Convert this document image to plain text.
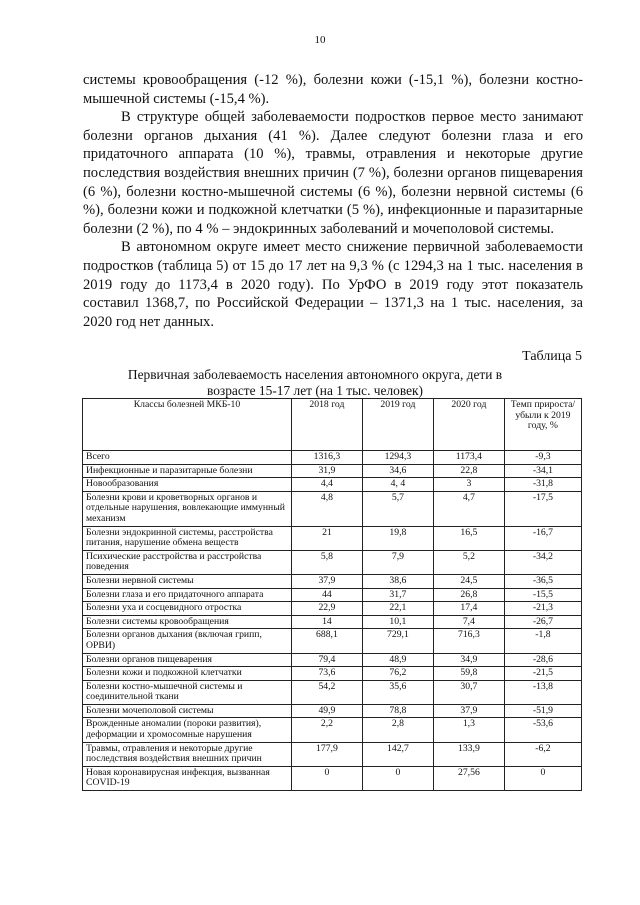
10

системы кровообращения (-12 %), болезни кожи (-15,1 %), болезни костно-мышечной системы (-15,4 %).

В структуре общей заболеваемости подростков первое место занимают болезни органов дыхания (41 %). Далее следуют болезни глаза и его придаточного аппарата (10 %), травмы, отравления и некоторые другие последствия воздействия внешних причин (7 %), болезни органов пищеварения (6 %), болезни костно-мышечной системы (6 %), болезни нервной системы (6 %), болезни кожи и подкожной клетчатки (5 %), инфекционные и паразитарные болезни (2 %), по 4 % – эндокринных заболеваний и мочеполовой системы.

В автономном округе имеет место снижение первичной заболеваемости подростков (таблица 5) от 15 до 17 лет на 9,3 % (с 1294,3 на 1 тыс. населения в 2019 году до 1173,4 в 2020 году). По УрФО в 2019 году этот показатель составил 1368,7, по Российской Федерации – 1371,3 на 1 тыс. населения, за 2020 год нет данных.

Таблица 5
Первичная заболеваемость населения автономного округа, дети в возрасте 15-17 лет (на 1 тыс. человек)
Классы болезней МКБ-10	2018 год	2019 год	2020 год	Темп прироста/ убыли к 2019 году, %
Всего	1316,3	1294,3	1173,4	-9,3
Инфекционные и паразитарные болезни	31,9	34,6	22,8	-34,1
Новообразования	4,4	4, 4	3	-31,8
Болезни крови и кроветворных органов и отдельные нарушения, вовлекающие иммунный механизм	4,8	5,7	4,7	-17,5
Болезни эндокринной системы, расстройства питания, нарушение обмена веществ	21	19,8	16,5	-16,7
Психические расстройства и расстройства поведения	5,8	7,9	5,2	-34,2
Болезни нервной системы	37,9	38,6	24,5	-36,5
Болезни глаза и его придаточного аппарата	44	31,7	26,8	-15,5
Болезни уха и сосцевидного отростка	22,9	22,1	17,4	-21,3
Болезни системы кровообращения	14	10,1	7,4	-26,7
Болезни органов дыхания (включая грипп, ОРВИ)	688,1	729,1	716,3	-1,8
Болезни органов пищеварения	79,4	48,9	34,9	-28,6
Болезни кожи и подкожной клетчатки	73,6	76,2	59,8	-21,5
Болезни костно-мышечной системы и соединительной ткани	54,2	35,6	30,7	-13,8
Болезни мочеполовой системы	49,9	78,8	37,9	-51,9
Врожденные аномалии (пороки развития), деформации и хромосомные нарушения	2,2	2,8	1,3	-53,6
Травмы, отравления и некоторые другие последствия воздействия внешних причин	177,9	142,7	133,9	-6,2
Новая коронавирусная инфекция, вызванная COVID-19	0	0	27,56	0
